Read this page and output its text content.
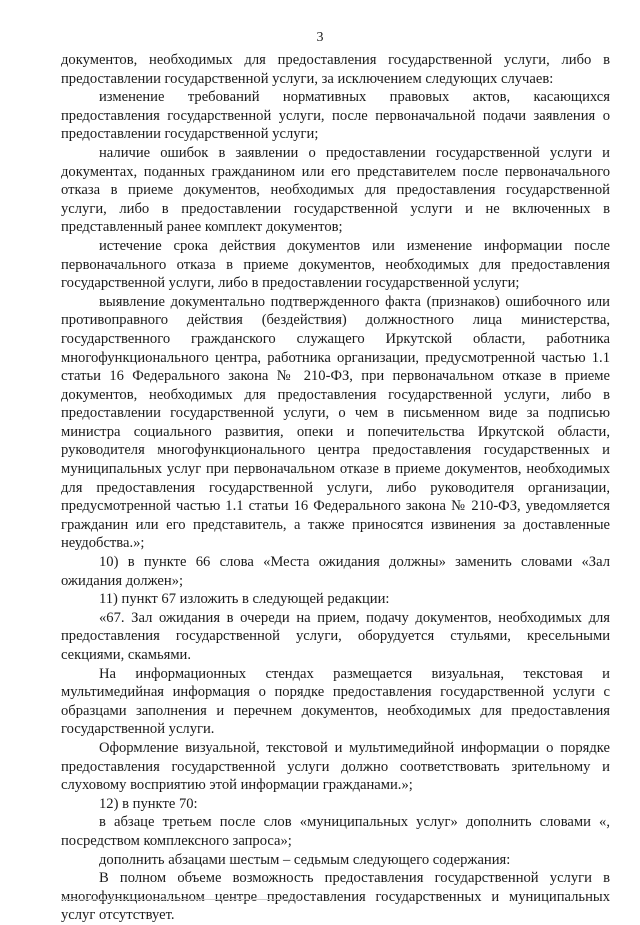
3

документов, необходимых для предоставления государственной услуги, либо в предоставлении государственной услуги, за исключением следующих случаев:

изменение требований нормативных правовых актов, касающихся предоставления государственной услуги, после первоначальной подачи заявления о предоставлении государственной услуги;

наличие ошибок в заявлении о предоставлении государственной услуги и документах, поданных гражданином или его представителем после первоначального отказа в приеме документов, необходимых для предоставления государственной услуги, либо в предоставлении государственной услуги и не включенных в представленный ранее комплект документов;

истечение срока действия документов или изменение информации после первоначального отказа в приеме документов, необходимых для предоставления государственной услуги, либо в предоставлении государственной услуги;

выявление документально подтвержденного факта (признаков) ошибочного или противоправного действия (бездействия) должностного лица министерства, государственного гражданского служащего Иркутской области, работника многофункционального центра, работника организации, предусмотренной частью 1.1 статьи 16 Федерального закона № 210-ФЗ, при первоначальном отказе в приеме документов, необходимых для предоставления государственной услуги, либо в предоставлении государственной услуги, о чем в письменном виде за подписью министра социального развития, опеки и попечительства Иркутской области, руководителя многофункционального центра предоставления государственных и муниципальных услуг при первоначальном отказе в приеме документов, необходимых для предоставления государственной услуги, либо руководителя организации, предусмотренной частью 1.1 статьи 16 Федерального закона № 210-ФЗ, уведомляется гражданин или его представитель, а также приносятся извинения за доставленные неудобства.»;

10) в пункте 66 слова «Места ожидания должны» заменить словами «Зал ожидания должен»;

11) пункт 67 изложить в следующей редакции:

«67. Зал ожидания в очереди на прием, подачу документов, необходимых для предоставления государственной услуги, оборудуется стульями, кресельными секциями, скамьями.

На информационных стендах размещается визуальная, текстовая и мультимедийная информация о порядке предоставления государственной услуги с образцами заполнения и перечнем документов, необходимых для предоставления государственной услуги.

Оформление визуальной, текстовой и мультимедийной информации о порядке предоставления государственной услуги должно соответствовать зрительному и слуховому восприятию этой информации гражданами.»;

12) в пункте 70:

в абзаце третьем после слов «муниципальных услуг» дополнить словами «, посредством комплексного запроса»;

дополнить абзацами шестым – седьмым следующего содержания:

В полном объеме возможность предоставления государственной услуги в многофункциональном центре предоставления государственных и муниципальных услуг отсутствует.
